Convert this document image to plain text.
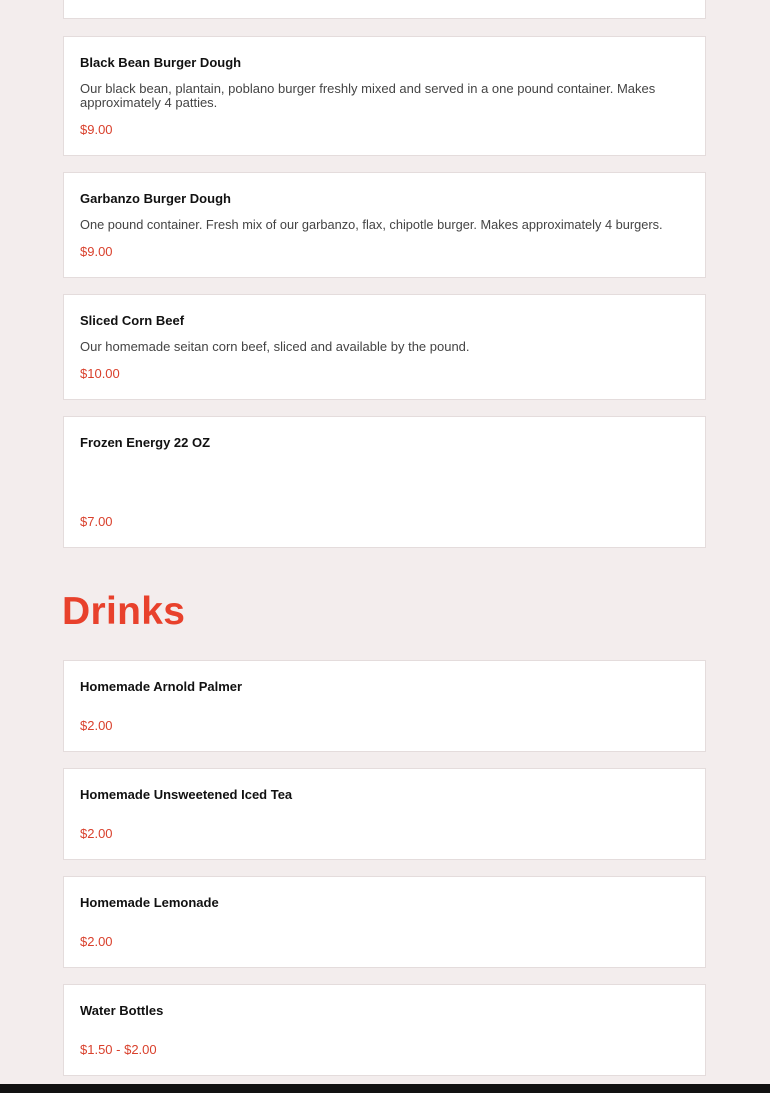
Black Bean Burger Dough
Our black bean, plantain, poblano burger freshly mixed and served in a one pound container. Makes approximately 4 patties.
$9.00
Garbanzo Burger Dough
One pound container. Fresh mix of our garbanzo, flax, chipotle burger. Makes approximately 4 burgers.
$9.00
Sliced Corn Beef
Our homemade seitan corn beef, sliced and available by the pound.
$10.00
Frozen Energy 22 OZ
$7.00
Drinks
Homemade Arnold Palmer
$2.00
Homemade Unsweetened Iced Tea
$2.00
Homemade Lemonade
$2.00
Water Bottles
$1.50 - $2.00
